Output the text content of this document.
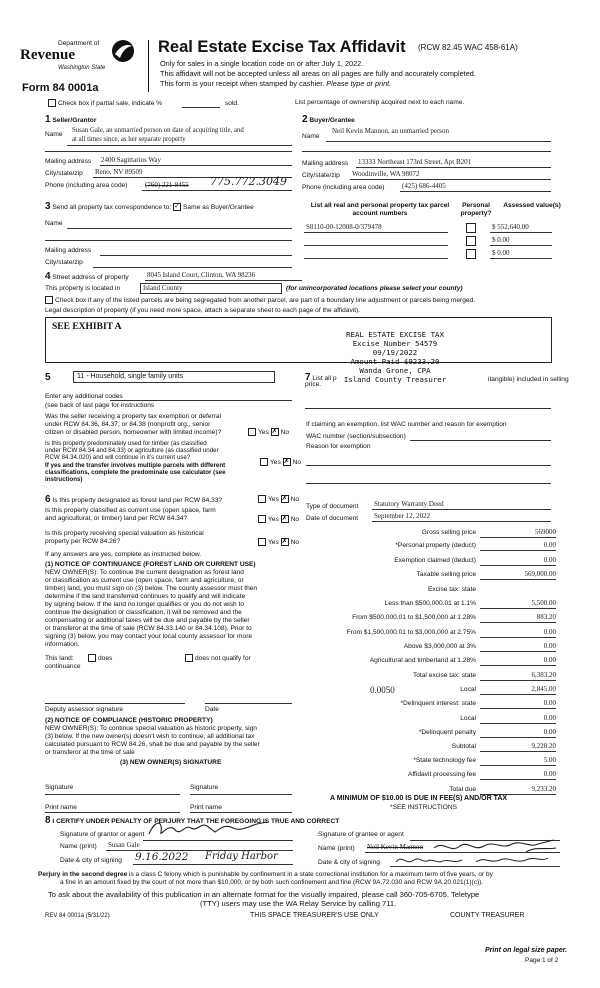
Department of
Revenue
Washington State
Form 84 0001a
Real Estate Excise Tax Affidavit (RCW 82.45 WAC 458-61A)
Only for sales in a single location code on or after July 1, 2022.
This affidavit will not be accepted unless all areas on all pages are fully and accurately completed.
This form is your receipt when stamped by cashier. Please type or print.
Check box if partial sale, indicate %	sold.	List percentage of ownership acquired next to each name.
1 Seller/Grantor
Name
Susan Gale, an unmarried person on date of acquiring title, and
at all times since, as her separate property
Mailing address 2400 Sagittarius Way
City/state/zip Reno, NV 89509
Phone (including area code)	(760) 221-8455 775.772.3049
2 Buyer/Grantee
Name
Neil Kevin Mannon, an unmarried person
Mailing address 13333 Northeast 173rd Street, Apt B201
City/state/zip Woodinville, WA 98072
Phone (including area code)	(425) 686-4405
3 Send all property tax correspondence to: ✓ Same as Buyer/Grantee
Name
Mailing address
City/state/zip
List all real and personal property tax parcel account numbers
Personal property?
Assessed value(s)
S8110-00-12008-0/379478	$ 552,640.00
$ 0.00
$ 0.00
4 Street address of property	8045 Island Court, Clinton, WA 98236
This property is located in	Island County	(for unincorporated locations please select your county)
Check box if any of the listed parcels are being segregated from another parcel, are part of a boundary line adjustment or parcels being merged.
Legal description of property (if you need more space, attach a separate sheet to each page of the affidavit).
SEE EXHIBIT A
REAL ESTATE EXCISE TAX
Excise Number 54579
09/19/2022
Amount Paid $9233.20
Wanda Grone, CPA
Island County Treasurer
5	11 - Household, single family units
Enter any additional codes
(see back of last page for instructions
Was the seller receiving a property tax exemption or deferral
under RCW 84.36, 84.37, or 84.38 (nonprofit org., senior
citizen or disabled person, homeowner with limited income)?	Yes ✗ No
Is this property predominately used for timber (as classified
under RCW 84.34 and 84.33) or agriculture (as classified under
RCW 84.34.020) and will continue in it's current use?
If yes and the transfer involves multiple parcels with different classifications, complete the predominate use calculator (see instructions)
Yes ✗ No
7 List all p
price.
itangible) included in selling
If claiming an exemption, list WAC number and reason for exemption
WAC number (section/subsection)
Reason for exemption
Type of document Statutory Warranty Deed
Date of document September 12, 2022
Gross selling price	569000
*Personal property (deduct)	0.00
Exemption claimed (deduct)	0.00
Taxable selling price	569,000.00
Excise tax: state
Less than $500,000.01 at 1.1%	5,500.00
From $500,000.01 to $1,500,000 at 1.28%	883.20
From $1,500,000.01 to $3,000,000 at 2.75%	0.00
Above $3,000,000 at 3%	0.00
Agricultural and timberland at 1.28%	0.00
Total excise tax: state	6,383.20
0.0050	Local	2,845.00
*Delinquent interest: state	0.00
Local	0.00
*Delinquent penalty	0.00
Subtotal	9,228.20
*State technology fee	5.00
Affidavit processing fee	0.00
Total due	9,233.20
A MINIMUM OF $10.00 IS DUE IN FEE(S) AND/OR TAX
*SEE INSTRUCTIONS
6 Is this property designated as forest land per RCW 84.33?	Yes ✗ No
Is this property classified as current use (open space, farm
and agricultural, or timber) land per RCW 84.34?	Yes ✗ No
Is this property receiving special valuation as historical
property per RCW 84.26?	Yes ✗ No
If any answers are yes, complete as instructed below.
(1) NOTICE OF CONTINUANCE (FOREST LAND OR CURRENT USE)
NEW OWNER(S): To continue the current designation as forest land
or classification as current use (open space, farm and agriculture, or
timber) land, you must sign on (3) below. The county assessor must then
determine if the land transferred continues to qualify and will indicate
by signing below. If the land no longer qualifies or you do not wish to
continue the designation or classification, it will be removed and the
compensating or additional taxes will be due and payable by the seller
or transferor at the time of sale (RCW 84.33.140 or 84.34.108). Prior to
signing (3) below, you may contact your local county assessor for more
information.
This land:	does	does not qualify for
continuance
Deputy assessor signature	Date
(2) NOTICE OF COMPLIANCE (HISTORIC PROPERTY)
NEW OWNER(S): To continue special valuation as historic property, sign
(3) below. If the new owner(s) doesn't wish to continue, all additional tax
calculated pursuant to RCW 84.26, shall be due and payable by the seller
or transferor at the time of sale
(3) NEW OWNER(S) SIGNATURE
Signature	Signature
Print name	Print name
8 I CERTIFY UNDER PENALTY OF PERJURY THAT THE FOREGOING IS TRUE AND CORRECT
Signature of grantor or agent
Name (print) Susan Gale
Date & city of signing 9.16.2022 Friday Harbor
Signature of grantee or agent
Name (print) Neil Kevin Mannon
Date & city of signing
Perjury in the second degree is a class C felony which is punishable by confinement in a state correctional institution for a maximum term of five years, or by
a fine in an amount fixed by the court of not more than $10,000, or by both such confinement and fine (RCW 9A.72.030 and RCW 9A.20.021(1)(c)).
To ask about the availability of this publication in an alternate format for the visually impaired, please call 360-705-6705. Teletype
(TTY) users may use the WA Relay Service by calling 711.
REV 84 0001a (5/31/22)	THIS SPACE TREASURER'S USE ONLY	COUNTY TREASURER
Print on legal size paper.
Page 1 of 2
